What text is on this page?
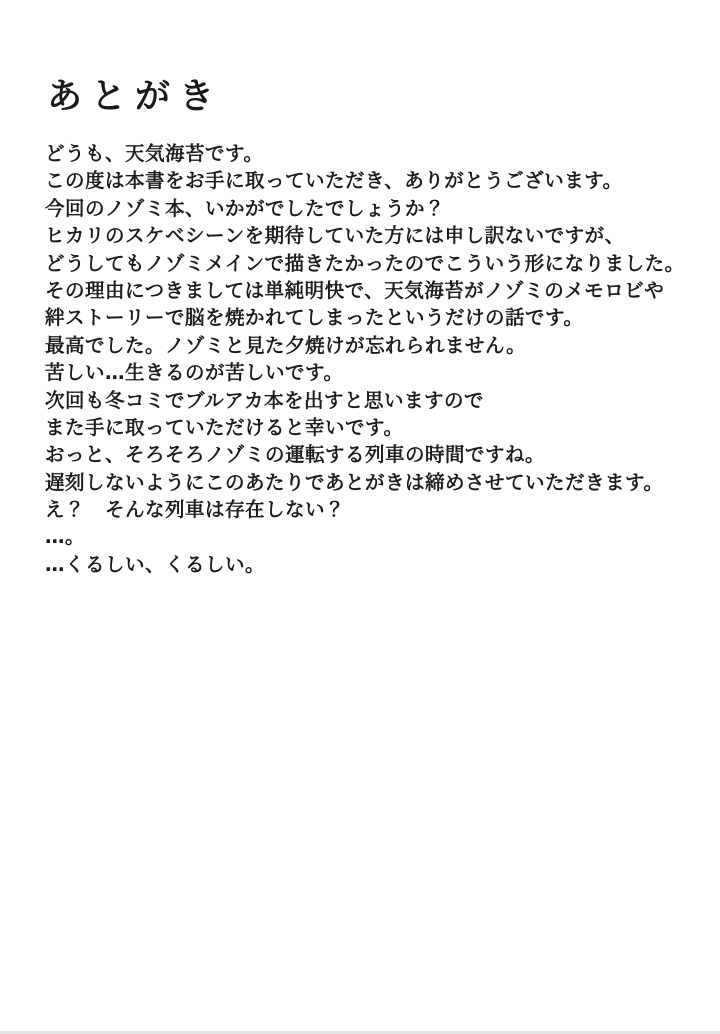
あとがき
どうも、天気海苔です。
この度は本書をお手に取っていただき、ありがとうございます。
今回のノゾミ本、いかがでしたでしょうか？
ヒカリのスケベシーンを期待していた方には申し訳ないですが、
どうしてもノゾミメインで描きたかったのでこういう形になりました。
その理由につきましては単純明快で、天気海苔がノゾミのメモロビや
絆ストーリーで脳を焼かれてしまったというだけの話です。
最高でした。ノゾミと見た夕焼けが忘れられません。
苦しい…生きるのが苦しいです。
次回も冬コミでブルアカ本を出すと思いますので
また手に取っていただけると幸いです。
おっと、そろそろノゾミの運転する列車の時間ですね。
遅刻しないようにこのあたりであとがきは締めさせていただきます。
え？　そんな列車は存在しない？
…。
…くるしい、くるしい。
